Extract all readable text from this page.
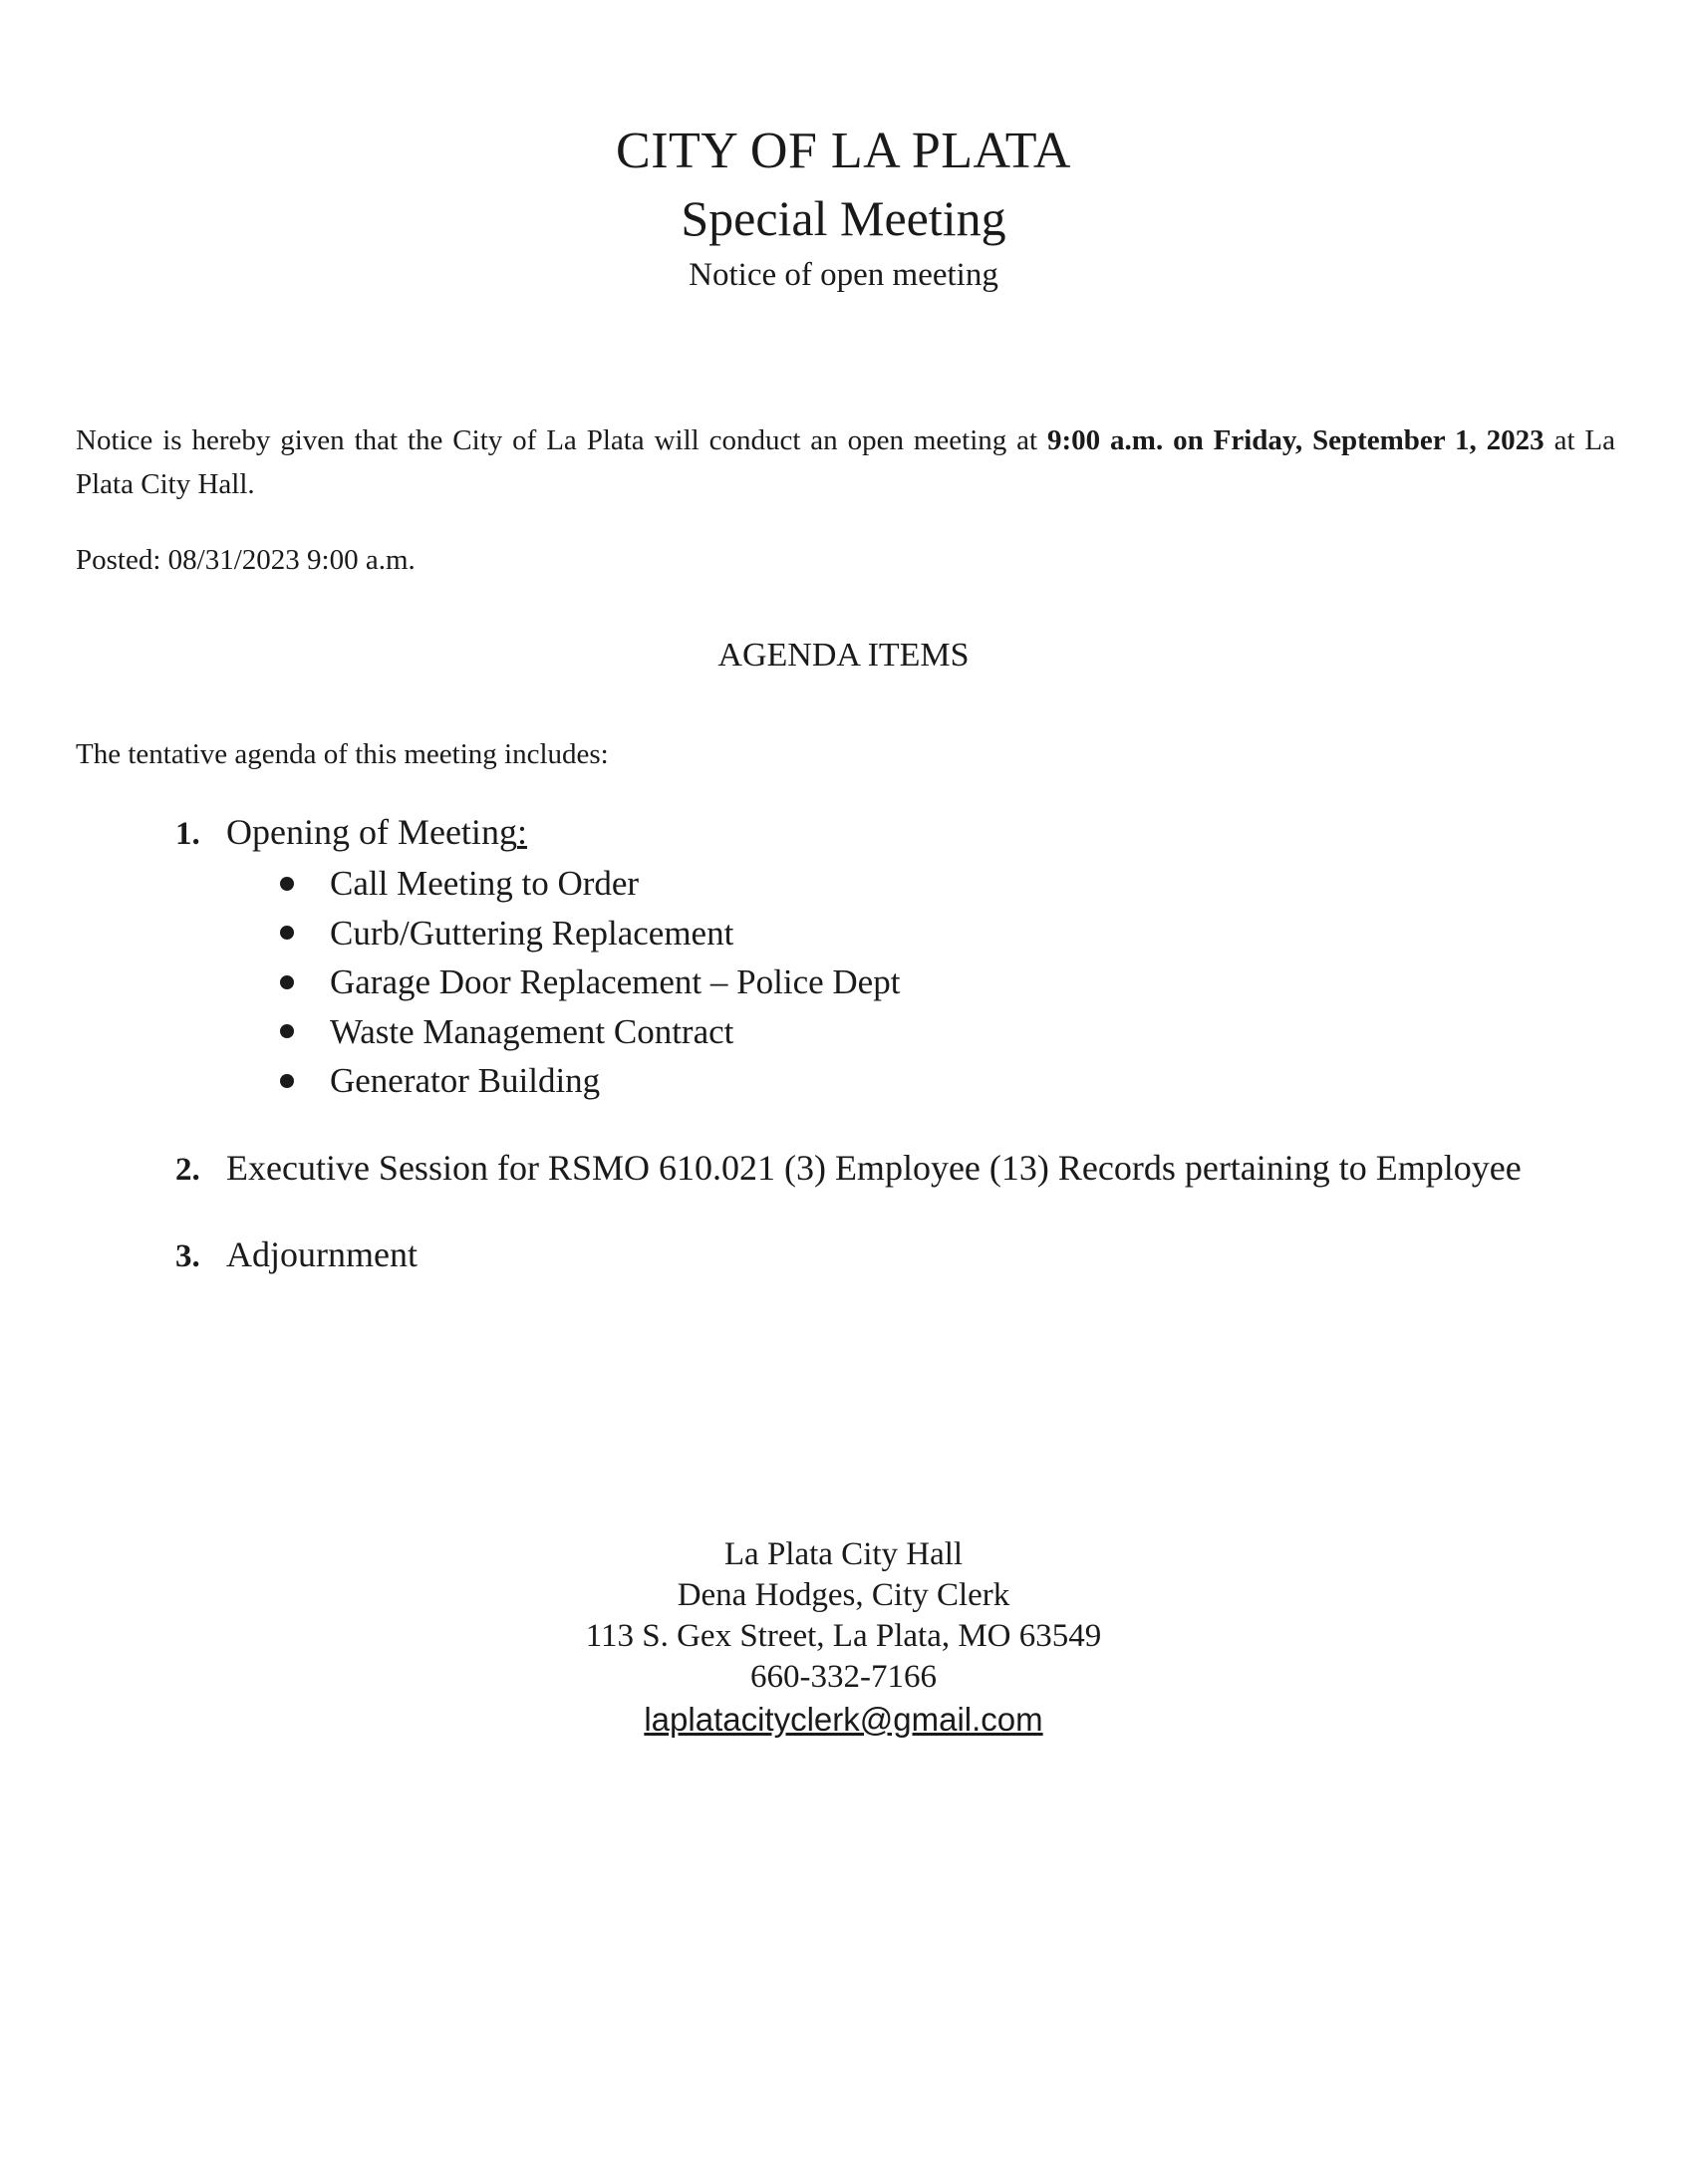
CITY OF LA PLATA
Special Meeting
Notice of open meeting
Notice is hereby given that the City of La Plata will conduct an open meeting at 9:00 a.m. on Friday, September 1, 2023 at La Plata City Hall.
Posted: 08/31/2023 9:00 a.m.
AGENDA ITEMS
The tentative agenda of this meeting includes:
1. Opening of Meeting:
Call Meeting to Order
Curb/Guttering Replacement
Garage Door Replacement – Police Dept
Waste Management Contract
Generator Building
2. Executive Session for RSMO 610.021 (3) Employee (13) Records pertaining to Employee
3. Adjournment
La Plata City Hall
Dena Hodges, City Clerk
113 S. Gex Street, La Plata, MO 63549
660-332-7166
laplatacityclerk@gmail.com
